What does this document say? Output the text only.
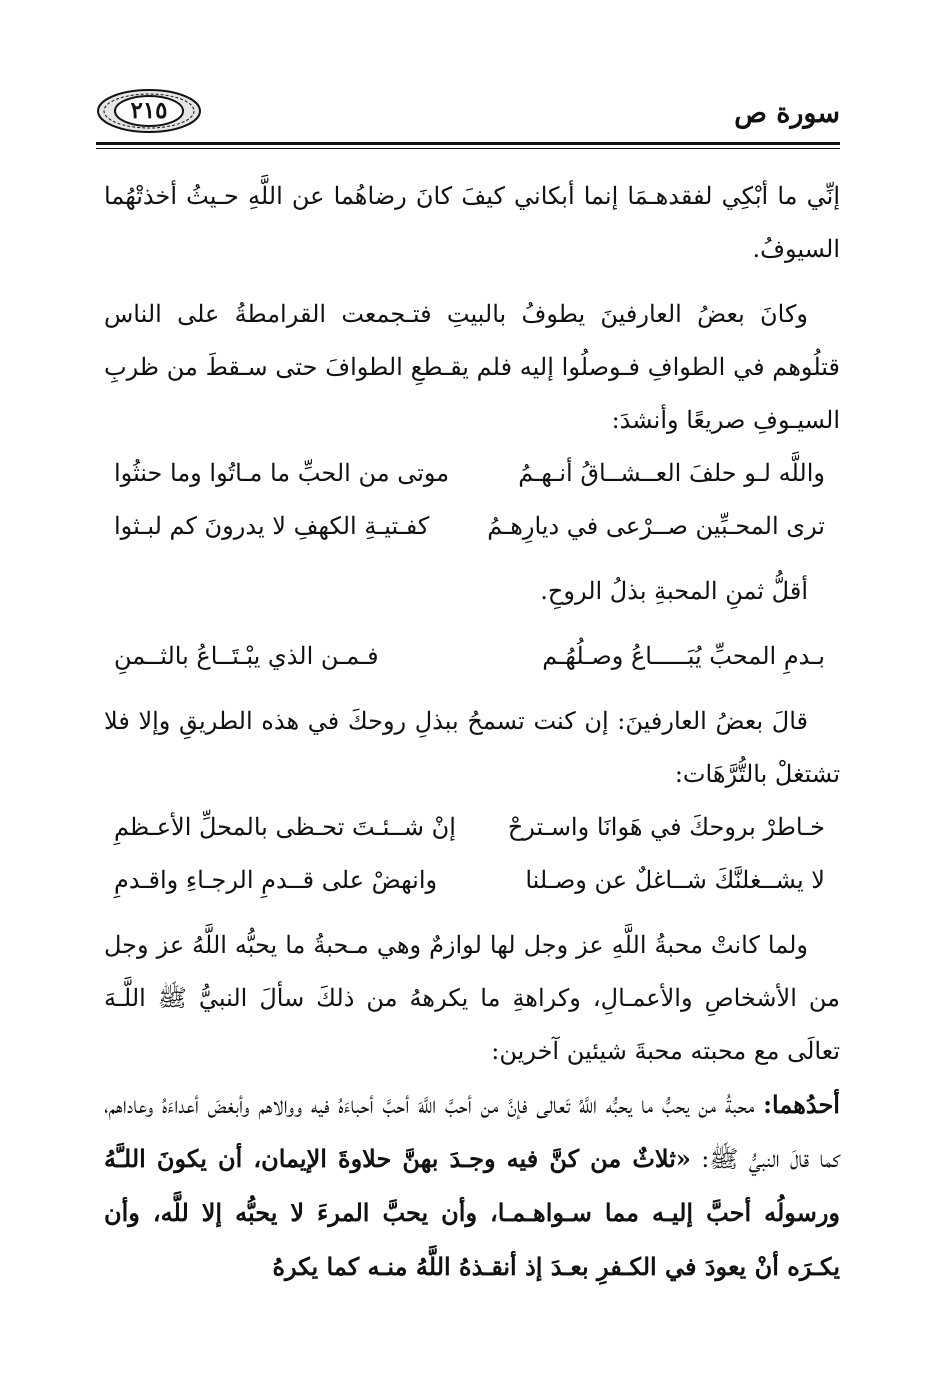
سورة ص
٢١٥

إنِّي ما أبْكِي لفقدهـمَا إنما أبكاني كيفَ كانَ رضاهُما عن اللَّهِ حـيثُ أخذتْهُما السيوفُ.

وكانَ بعضُ العارفينَ يطوفُ بالبيتِ فتـجمعت القرامطةُ على الناس قتلُوهم في الطوافِ فـوصلُوا إليه فلم يقـطعِ الطوافَ حتى سـقطَ من ظربِ السيـوفِ صريعًا وأنشدَ:

واللَّه لـو حلفَ العــشــاقُ أنـهـمُ
موتى من الحبِّ ما مـاتُوا وما حنثُوا
ترى المحـبِّين صــرْعى في ديارِهـمُ
كفـتيـةِ الكهفِ لا يدرونَ كم لبـثوا

أقلُّ ثمنِ المحبةِ بذلُ الروحِ.

بـدمِ المحبِّ يُبَـــــاعُ وصـلُهُـم
فـمـن الذي يبْـتَــاعُ بالثــمنِ

قالَ بعضُ العارفينَ: إن كنت تسمحُ ببذلِ روحكَ في هذه الطريقِ وإلا فلا تشتغلْ بالتُّرَّهَات:

خـاطرْ بروحكَ في هَوانَا واسـترحْ
إنْ شــئـتَ تحـظى بالمحلِّ الأعـظمِ
لا يشــغلنَّكَ شــاغلٌ عن وصـلنا
وانهضْ على قــدمِ الرجـاءِ واقـدمِ

ولما كانتْ محبةُ اللَّهِ عز وجل لها لوازمٌ وهي مـحبةُ ما يحبُّه اللَّهُ عز وجل من الأشخاصِ والأعمـالِ، وكراهةِ ما يكرههُ من ذلكَ سألَ النبيُّ ﷺ اللَّـهَ تعالَى مع محبته محبةَ شيئين آخرين:

أحدُهما: محبةُ من يحبُّ ما يحبُّه اللَّهُ تَعالى فإنَّ من أحبَّ اللَّهَ أحبَّ أحباءَهُ فيه ووالاهم وأبغضَ أعداءَهُ وعاداهم، كما قالَ النبيُّ ﷺ: «ثلاثٌ من كنَّ فيه وجـدَ بهنَّ حلاوةَ الإيمان، أن يكونَ اللـَّهُ ورسولُه أحبَّ إليـه مما سـواهـمـا، وأن يحبَّ المرءَ لا يحبُّه إلا للَّه، وأن يكـرَه أنْ يعودَ في الكـفرِ بعـدَ إذ أنقـذهُ اللَّهُ منـه كما يكرهُ
